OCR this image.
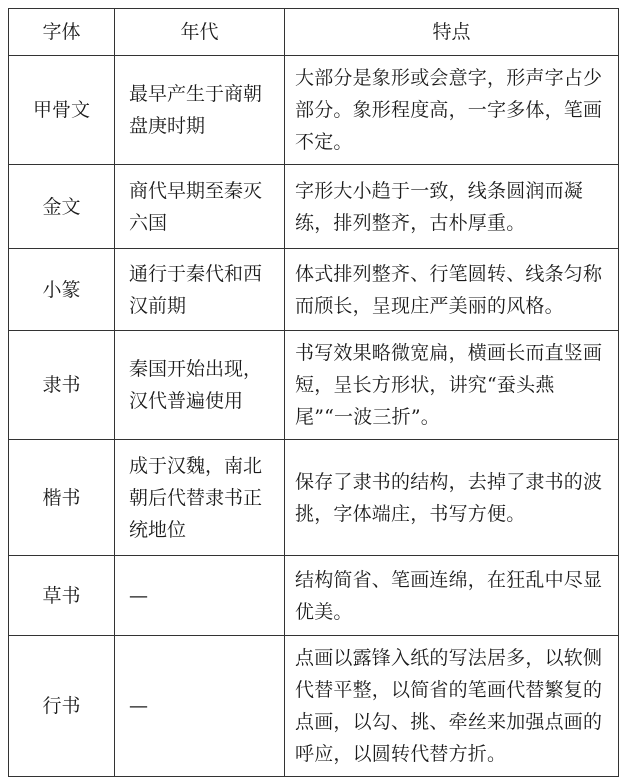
字体	年代	特点
甲骨文	最早产生于商朝盘庚时期	大部分是象形或会意字，形声字占少部分。象形程度高，一字多体，笔画不定。
金文	商代早期至秦灭六国	字形大小趋于一致，线条圆润而凝练，排列整齐，古朴厚重。
小篆	通行于秦代和西汉前期	体式排列整齐、行笔圆转、线条匀称而颀长，呈现庄严美丽的风格。
隶书	秦国开始出现，汉代普遍使用	书写效果略微宽扁，横画长而直竖画短，呈长方形状，讲究“蚕头燕尾”“一波三折”。
楷书	成于汉魏，南北朝后代替隶书正统地位	保存了隶书的结构，去掉了隶书的波挑，字体端庄，书写方便。
草书	—	结构简省、笔画连绵，在狂乱中尽显优美。
行书	—	点画以露锋入纸的写法居多，以软侧代替平整，以简省的笔画代替繁复的点画，以勾、挑、牵丝来加强点画的呼应，以圆转代替方折。
